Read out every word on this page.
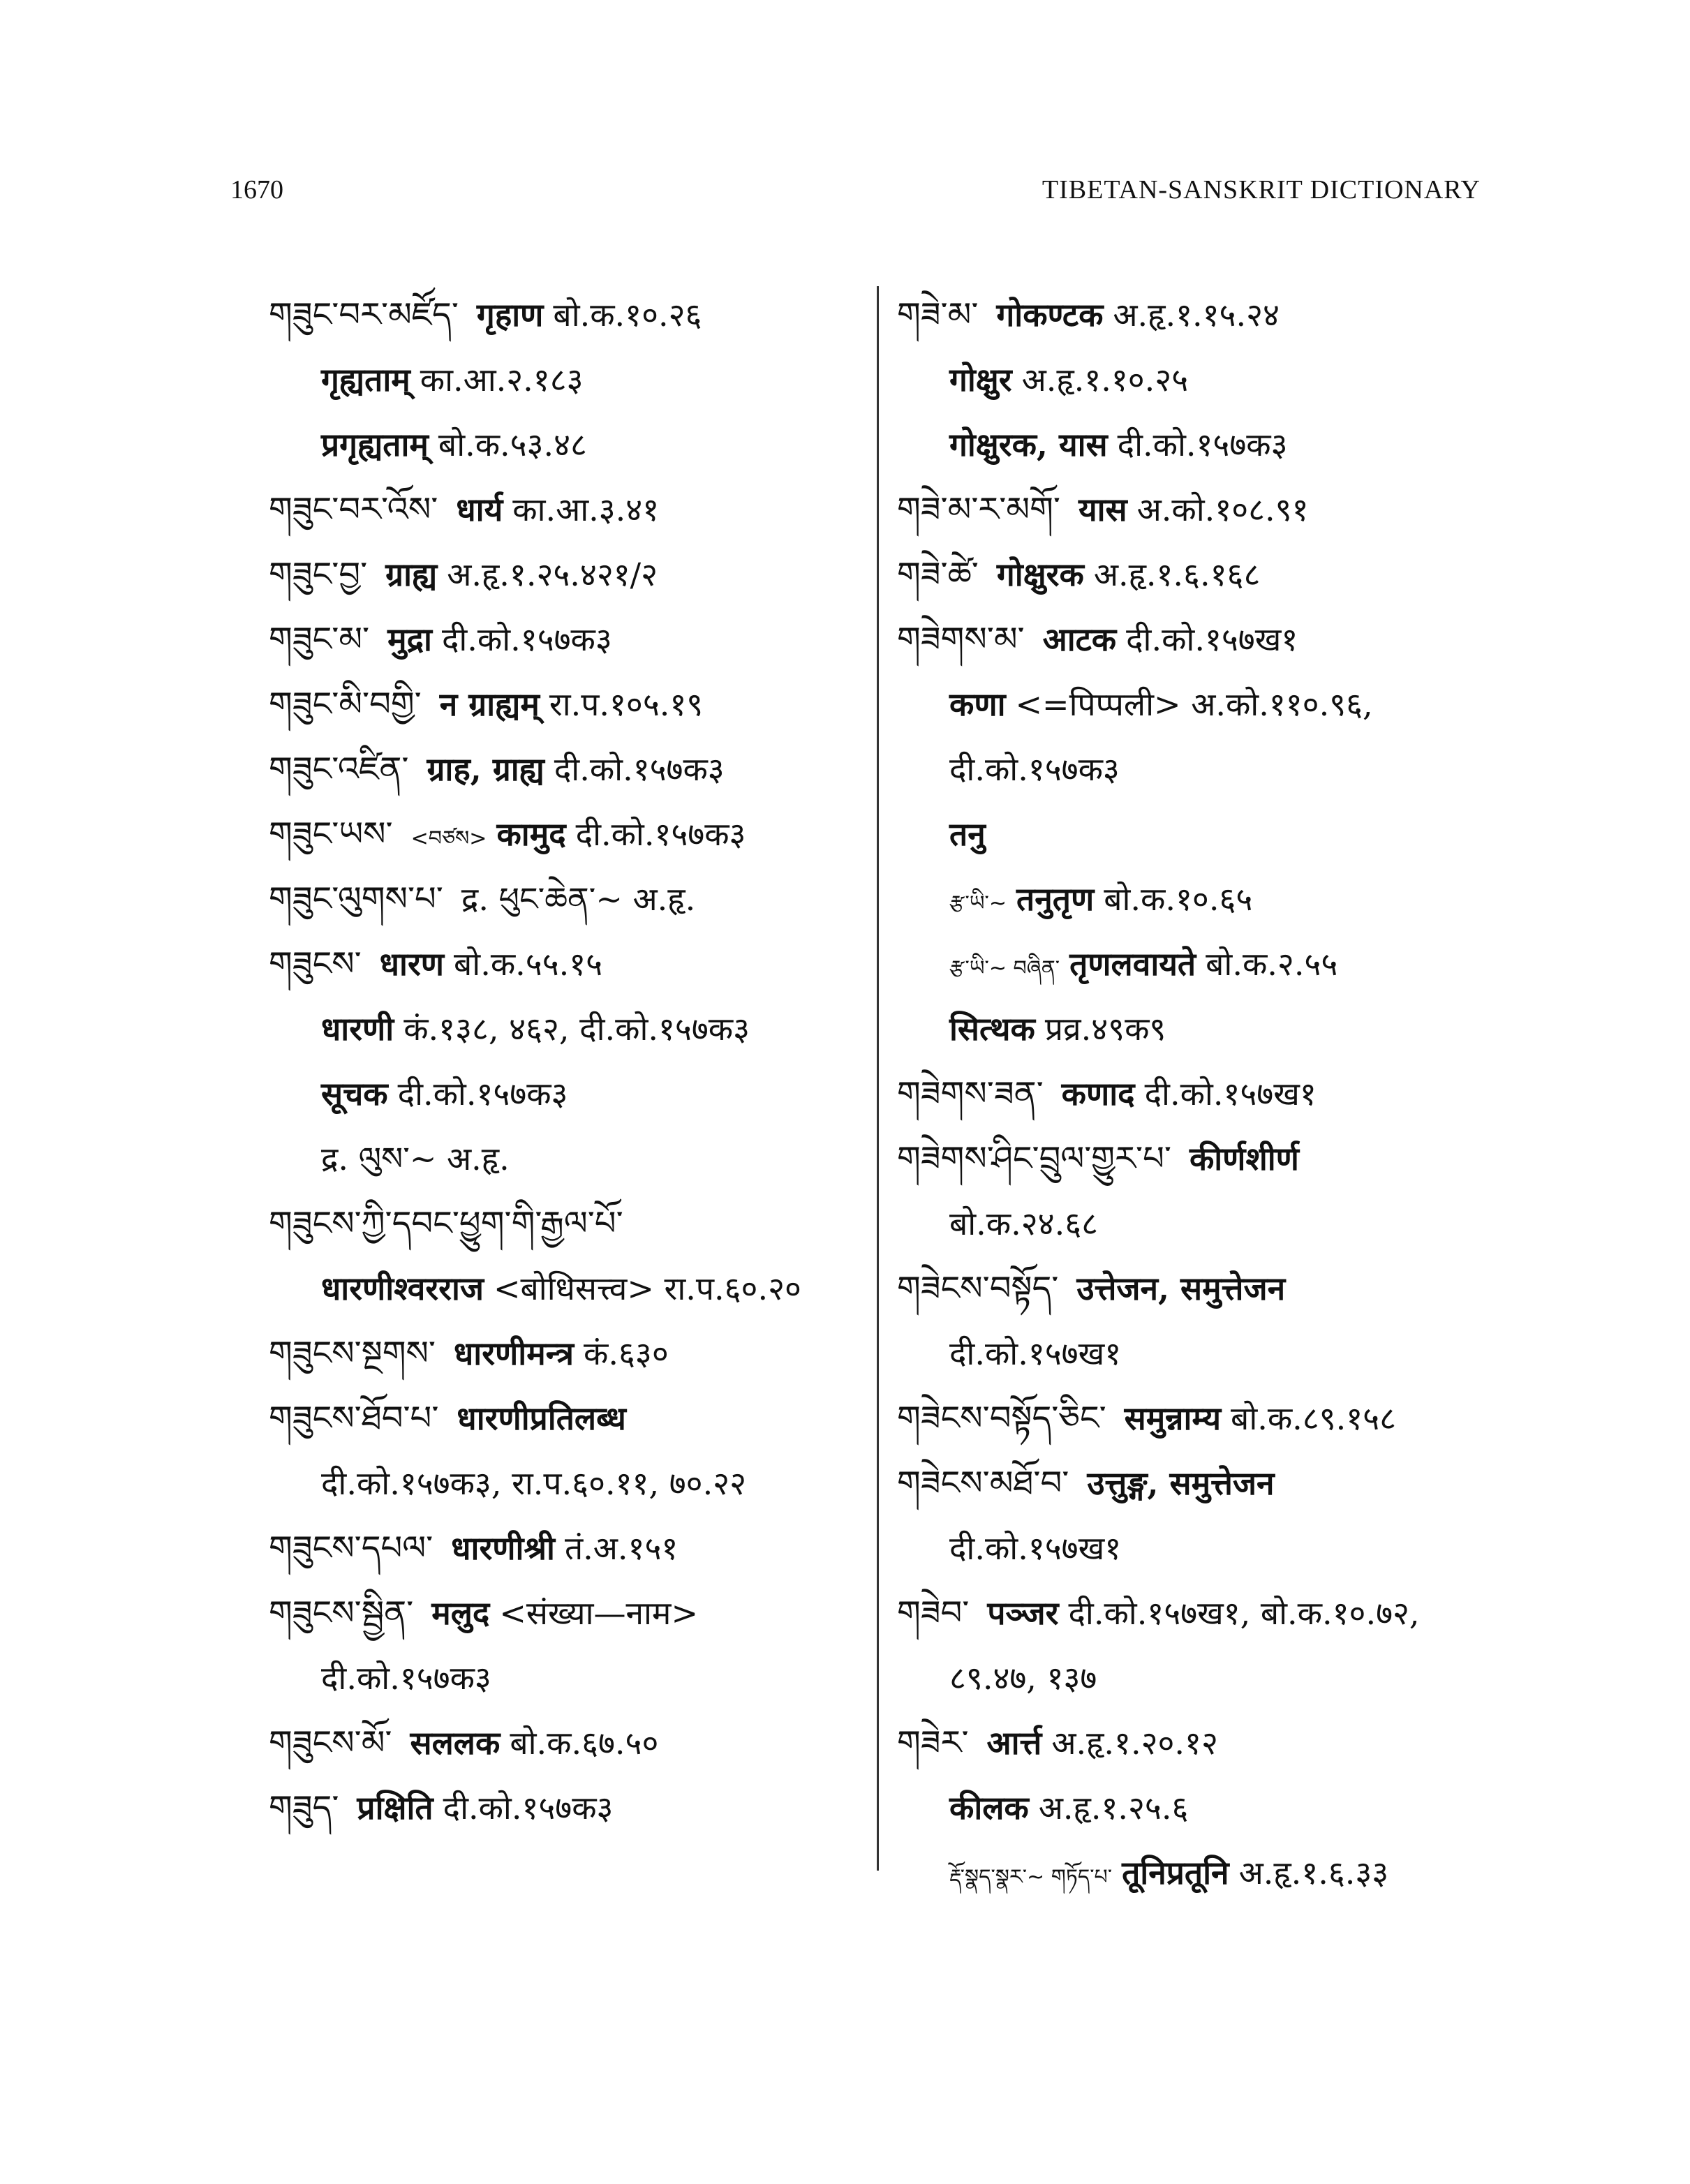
1670	TIBETAN-SANSKRIT DICTIONARY
གཟུང་བར་མཛོད་ गृहाण बो.क.१०.२६
गृह्यताम् का.आ.२.१८३
प्रगृह्यताम् बो.क.५३.४८
གཟུང་བར་འོས་ धार्य का.आ.३.४१
གཟུང་བྱ་ ग्राह्य अ.हृ.१.२५.४२१/२
གཟུང་མ་ मुद्रा दी.को.१५७क३
གཟུང་མི་བགྱི་ न ग्राह्यम् रा.प.१०५.१९
གཟུང་འཛིན་ ग्राह, ग्राह्य दी.को.१५७क३
གཟུང་ཡས་ <བཙས> कामुद दी.को.१५७क३
གཟུང་ལུགས་པ་ द्र. ཕུང་ཆེན་~ अ.हृ.
གཟུངས་ धारण बो.क.५५.१५
धारणी कं.१३८, ४६२, दी.को.१५७क३
सूचक दी.को.१५७क३
द्र. ལུས་~ अ.हृ.
གཟུངས་ཀྱི་དབང་ཕྱུག་གི་རྒྱལ་པོ་
धारणीश्वरराज <बोधिसत्त्व> रा.प.६०.२०
གཟུངས་སྔགས་ धारणीमन्त्र कं.६३०
གཟུངས་ཐོབ་པ་ धारणीप्रतिलब्ध
दी.को.१५७क३, रा.प.६०.११, ७०.२२
གཟུངས་དཔལ་ धारणीश्री तं.अ.१५१
གཟུངས་སྦྱིན་ मलुद <संख्या—नाम>
दी.को.१५७क३
གཟུངས་མོ་ सललक बो.क.६७.५०
གཟུད་ प्रक्षिति दी.को.१५७क३
གཟེ་མ་ गोकण्टक अ.हृ.१.१५.२४
गोक्षुर अ.हृ.१.१०.२५
गोक्षुरक, यास दी.को.१५७क३
གཟེ་མ་ར་མགོ་ यास अ.को.१०८.९१
གཟེ་ཚེ་ गोक्षुरक अ.हृ.१.६.१६८
གཟེགས་མ་ आटक दी.को.१५७ख१
कणा <=पिप्पली> अ.को.११०.९६,
दी.को.१५७क३
तनु
རྩ་ཡི་~ तनुतृण बो.क.१०.६५
རྩ་ཡི་~ བཞིན་ तृणलवायते बो.क.२.५५
सित्थक प्रव्र.४९क९
གཟེགས་ཟན་ कणाद दी.को.१५७ख१
གཟེགས་ཤིང་བྲུལ་གྱུར་པ་ कीर्णशीर्ण
बो.क.२४.६८
གཟེངས་བསྟོད་ उत्तेजन, समुत्तेजन
दी.को.१५७ख१
གཟེངས་བསྟོད་ཅིང་ समुन्नाम्य बो.क.८९.१५८
གཟེངས་མཐོ་བ་ उत्तुङ्ग, समुत्तेजन
दी.को.१५७ख१
གཟེབ་ पञ्जर दी.को.१५७ख१, बो.क.१०.७२,
८९.४७, १३७
གཟེར་ आर्त्त अ.हृ.१.२०.१२
कीलक अ.हृ.१.२५.६
རྡོ་སྣད་སྣར་~ གཏོད་པ་ तूनिप्रतूनि अ.हृ.१.६.३३
